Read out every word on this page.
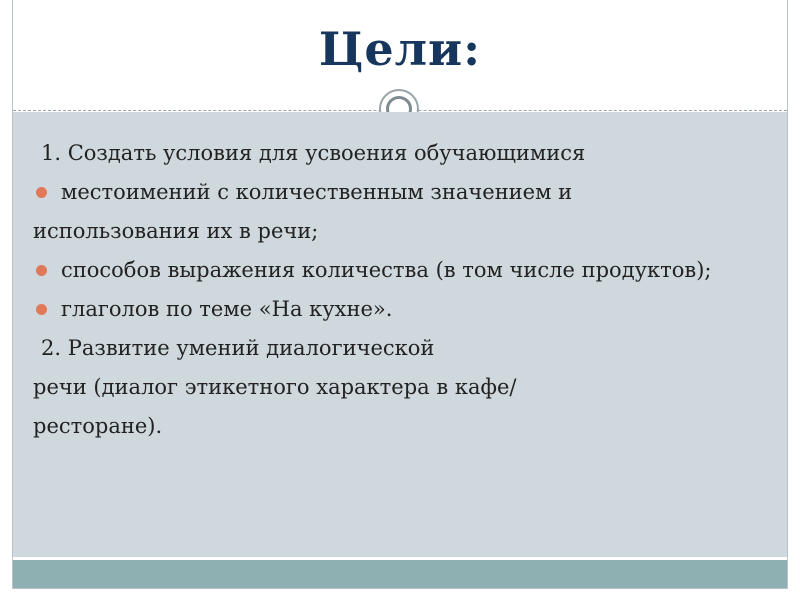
Цели:
1. Создать условия для усвоения обучающимися
местоимений с количественным значением и
использования их в речи;
способов выражения количества (в том числе продуктов);
глаголов по теме «На кухне».
2. Развитие умений диалогической
речи (диалог этикетного характера в кафе/
ресторане).
